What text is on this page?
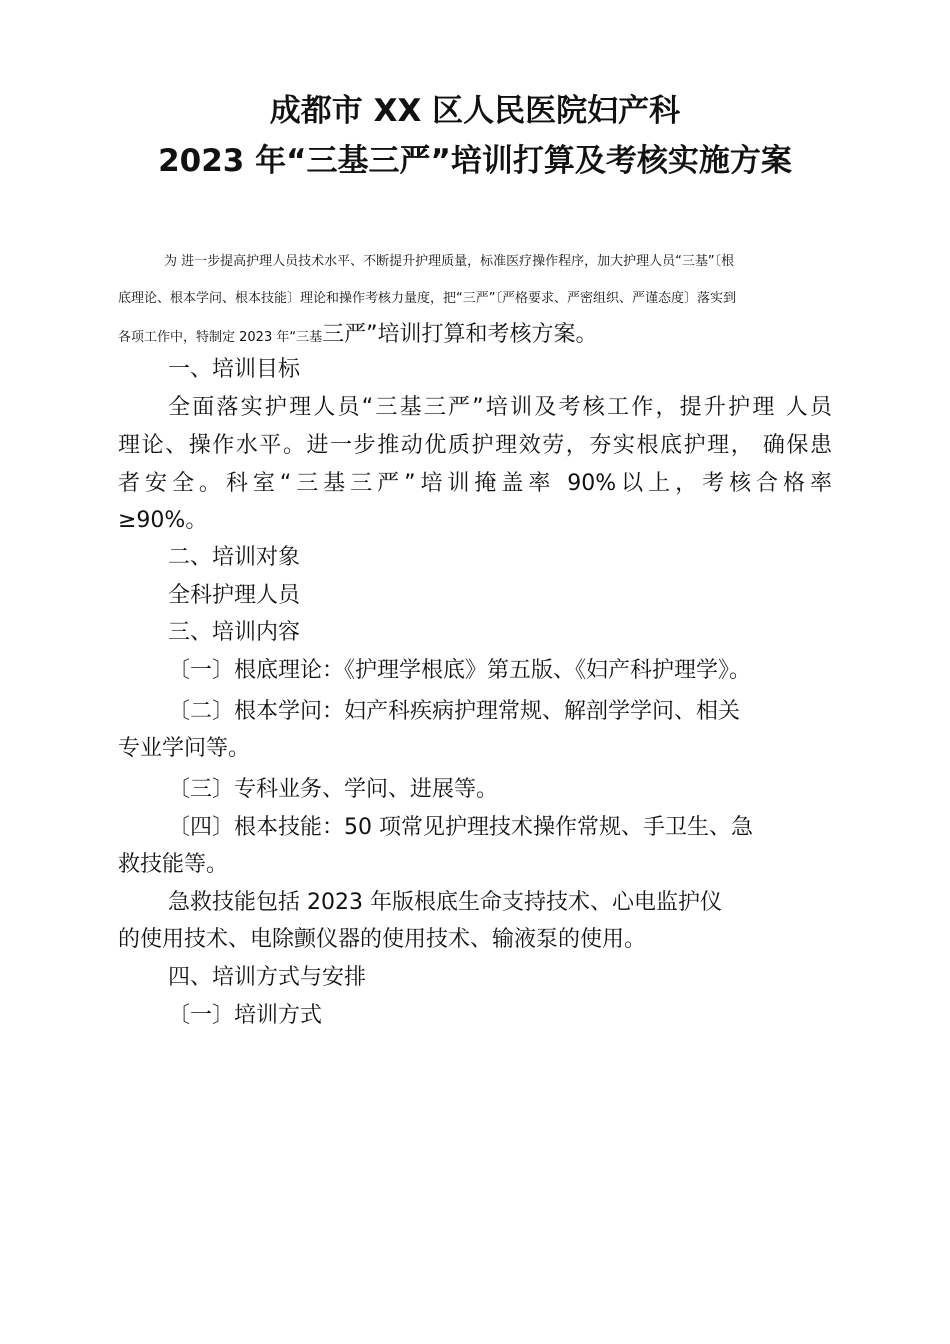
成都市 XX 区人民医院妇产科
2023 年“三基三严”培训打算及考核实施方案
为 进一步提高护理人员技术水平、不断提升护理质量，标准医疗操作程序，加大护理人员“三基”〔根
底理论、根本学问、根本技能〕理论和操作考核力量度，把“三严”〔严格要求、严密组织、严谨态度〕落实到
各项工作中，特制定 2023 年“三基三严”培训打算和考核方案。
一、培训目标
全面落实护理人员“三基三严”培训及考核工作，提升护理 人员
理论、操作水平。进一步推动优质护理效劳，夯实根底护理， 确保患
者安全。科室“三基三严”培训掩盖率 90%以上，考核合格率
≥90%。
二、培训对象
全科护理人员
三、培训内容
〔一〕根底理论：《护理学根底》第五版、《妇产科护理学》。
〔二〕根本学问：妇产科疾病护理常规、解剖学学问、相关
专业学问等。
〔三〕专科业务、学问、进展等。
〔四〕根本技能：50 项常见护理技术操作常规、手卫生、急
救技能等。
急救技能包括 2023 年版根底生命支持技术、心电监护仪
的使用技术、电除颤仪器的使用技术、输液泵的使用。
四、培训方式与安排
〔一〕培训方式
